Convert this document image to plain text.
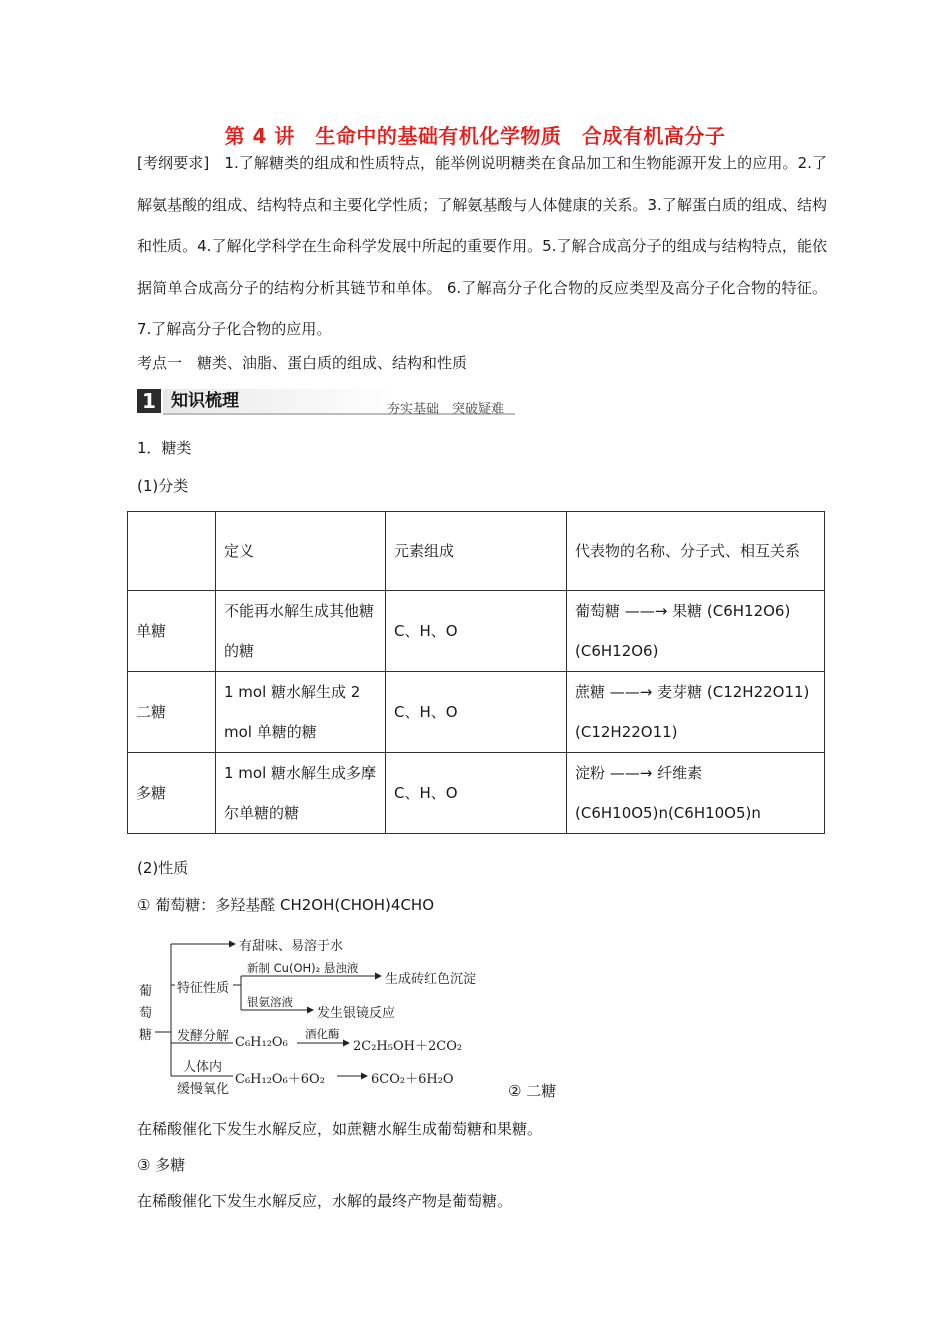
第 4 讲　生命中的基础有机化学物质　合成有机高分子
[考纲要求]　1.了解糖类的组成和性质特点，能举例说明糖类在食品加工和生物能源开发上的应用。2.了解氨基酸的组成、结构特点和主要化学性质；了解氨基酸与人体健康的关系。3.了解蛋白质的组成、结构和性质。4.了解化学科学在生命科学发展中所起的重要作用。5.了解合成高分子的组成与结构特点，能依据简单合成高分子的结构分析其链节和单体。 6.了解高分子化合物的反应类型及高分子化合物的特征。7.了解高分子化合物的应用。
考点一　糖类、油脂、蛋白质的组成、结构和性质
1 知识梳理	夯实基础　突破疑难
1．糖类
(1)分类
	定义	元素组成	代表物的名称、分子式、相互关系
单糖	不能再水解生成其他糖的糖	C、H、O	葡萄糖 ——→ 果糖 (C6H12O6)(C6H12O6)
二糖	1 mol 糖水解生成 2 mol 单糖的糖	C、H、O	蔗糖 ——→ 麦芽糖 (C12H22O11)(C12H22O11)
多糖	1 mol 糖水解生成多摩尔单糖的糖	C、H、O	淀粉 ——→ 纤维素 (C6H10O5)n(C6H10O5)n
(2)性质
① 葡萄糖：多羟基醛 CH2OH(CHOH)4CHO
葡
萄
糖
有甜味、易溶于水
特征性质
新制 Cu(OH)₂ 悬浊液
生成砖红色沉淀
银氨溶液
发生银镜反应
发酵分解 C₆H₁₂O₆
酒化酶
2C₂H₅OH＋2CO₂
人体内
缓慢氧化
C₆H₁₂O₆＋6O₂	6CO₂＋6H₂O
② 二糖
在稀酸催化下发生水解反应，如蔗糖水解生成葡萄糖和果糖。
③ 多糖
在稀酸催化下发生水解反应，水解的最终产物是葡萄糖。
